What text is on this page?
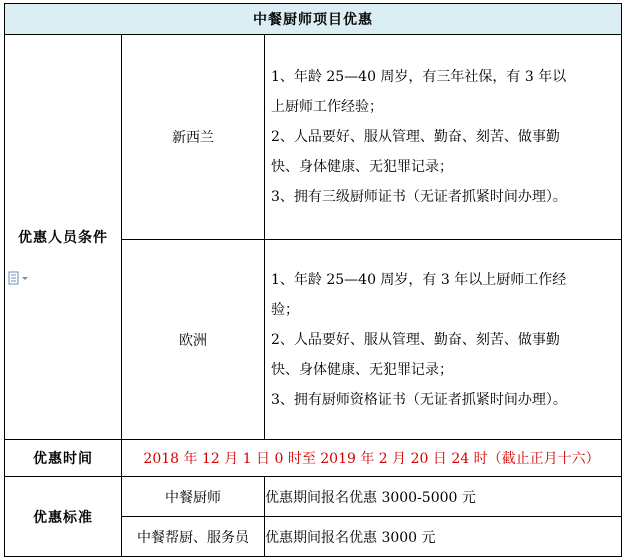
中餐厨师项目优惠		
优惠人员条件	新西兰	1、年龄 25—40 周岁，有三年社保，有 3 年以
上厨师工作经验；
2、人品要好、服从管理、勤奋、刻苦、做事勤
快、身体健康、无犯罪记录；
3、拥有三级厨师证书（无证者抓紧时间办理）。

	欧洲	1、年龄 25—40 周岁，有 3 年以上厨师工作经
验；
2、人品要好、服从管理、勤奋、刻苦、做事勤
快、身体健康、无犯罪记录；
3、拥有厨师资格证书（无证者抓紧时间办理）。

优惠时间	2018 年 12 月 1 日 0 时至 2019 年 2 月 20 日 24 时（截止正月十六）	
优惠标准	中餐厨师	优惠期间报名优惠 3000-5000 元
	中餐帮厨、服务员	优惠期间报名优惠 3000 元
